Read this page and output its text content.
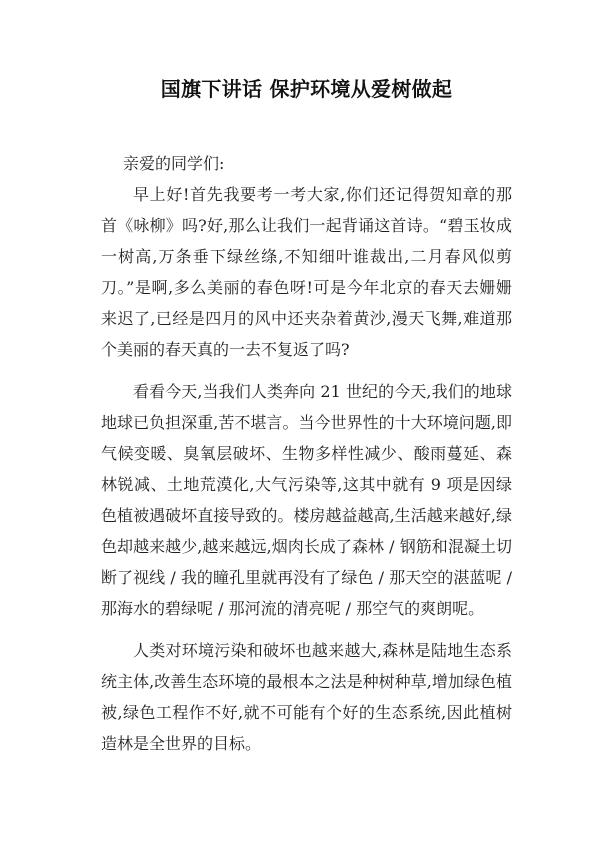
国旗下讲话 保护环境从爱树做起

亲爱的同学们:

早上好!首先我要考一考大家,你们还记得贺知章的那首《咏柳》吗?好,那么让我们一起背诵这首诗。“碧玉妆成一树高,万条垂下绿丝绦,不知细叶谁裁出,二月春风似剪刀。”是啊,多么美丽的春色呀!可是今年北京的春天去姗姗来迟了,已经是四月的风中还夹杂着黄沙,漫天飞舞,难道那个美丽的春天真的一去不复返了吗?

看看今天,当我们人类奔向 21 世纪的今天,我们的地球地球已负担深重,苦不堪言。当今世界性的十大环境问题,即气候变暖、臭氧层破坏、生物多样性减少、酸雨蔓延、森林锐减、土地荒漠化,大气污染等,这其中就有 9 项是因绿色植被遇破坏直接导致的。楼房越益越高,生活越来越好,绿色却越来越少,越来越远,烟肉长成了森林 / 钢筋和混凝土切断了视线 / 我的瞳孔里就再没有了绿色 / 那天空的湛蓝呢 / 那海水的碧绿呢 / 那河流的清亮呢 / 那空气的爽朗呢。

人类对环境污染和破坏也越来越大,森林是陆地生态系统主体,改善生态环境的最根本之法是种树种草,增加绿色植被,绿色工程作不好,就不可能有个好的生态系统,因此植树造林是全世界的目标。
